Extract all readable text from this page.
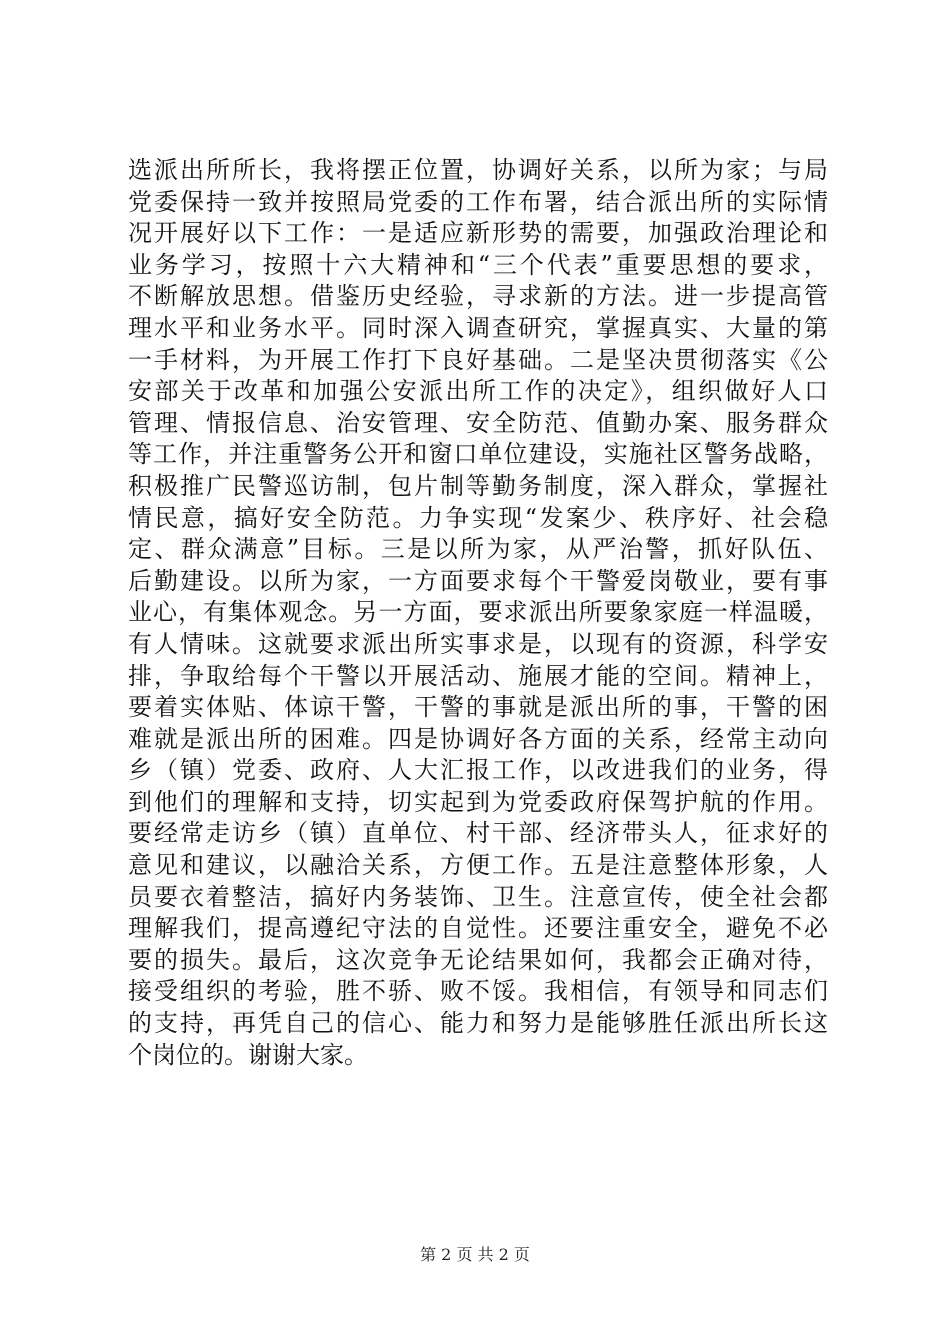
选派出所所长，我将摆正位置，协调好关系，以所为家；与局
党委保持一致并按照局党委的工作布署，结合派出所的实际情
况开展好以下工作：一是适应新形势的需要，加强政治理论和
业务学习，按照十六大精神和“三个代表”重要思想的要求，
不断解放思想。借鉴历史经验，寻求新的方法。进一步提高管
理水平和业务水平。同时深入调查研究，掌握真实、大量的第
一手材料，为开展工作打下良好基础。二是坚决贯彻落实《公
安部关于改革和加强公安派出所工作的决定》，组织做好人口
管理、情报信息、治安管理、安全防范、值勤办案、服务群众
等工作，并注重警务公开和窗口单位建设，实施社区警务战略，
积极推广民警巡访制，包片制等勤务制度，深入群众，掌握社
情民意，搞好安全防范。力争实现“发案少、秩序好、社会稳
定、群众满意”目标。三是以所为家，从严治警，抓好队伍、
后勤建设。以所为家，一方面要求每个干警爱岗敬业，要有事
业心，有集体观念。另一方面，要求派出所要象家庭一样温暖，
有人情味。这就要求派出所实事求是，以现有的资源，科学安
排，争取给每个干警以开展活动、施展才能的空间。精神上，
要着实体贴、体谅干警，干警的事就是派出所的事，干警的困
难就是派出所的困难。四是协调好各方面的关系，经常主动向
乡（镇）党委、政府、人大汇报工作，以改进我们的业务，得
到他们的理解和支持，切实起到为党委政府保驾护航的作用。
要经常走访乡（镇）直单位、村干部、经济带头人，征求好的
意见和建议，以融洽关系，方便工作。五是注意整体形象，人
员要衣着整洁，搞好内务装饰、卫生。注意宣传，使全社会都
理解我们，提高遵纪守法的自觉性。还要注重安全，避免不必
要的损失。最后，这次竞争无论结果如何，我都会正确对待，
接受组织的考验，胜不骄、败不馁。我相信，有领导和同志们
的支持，再凭自己的信心、能力和努力是能够胜任派出所长这
个岗位的。谢谢大家。
第 2 页 共 2 页
